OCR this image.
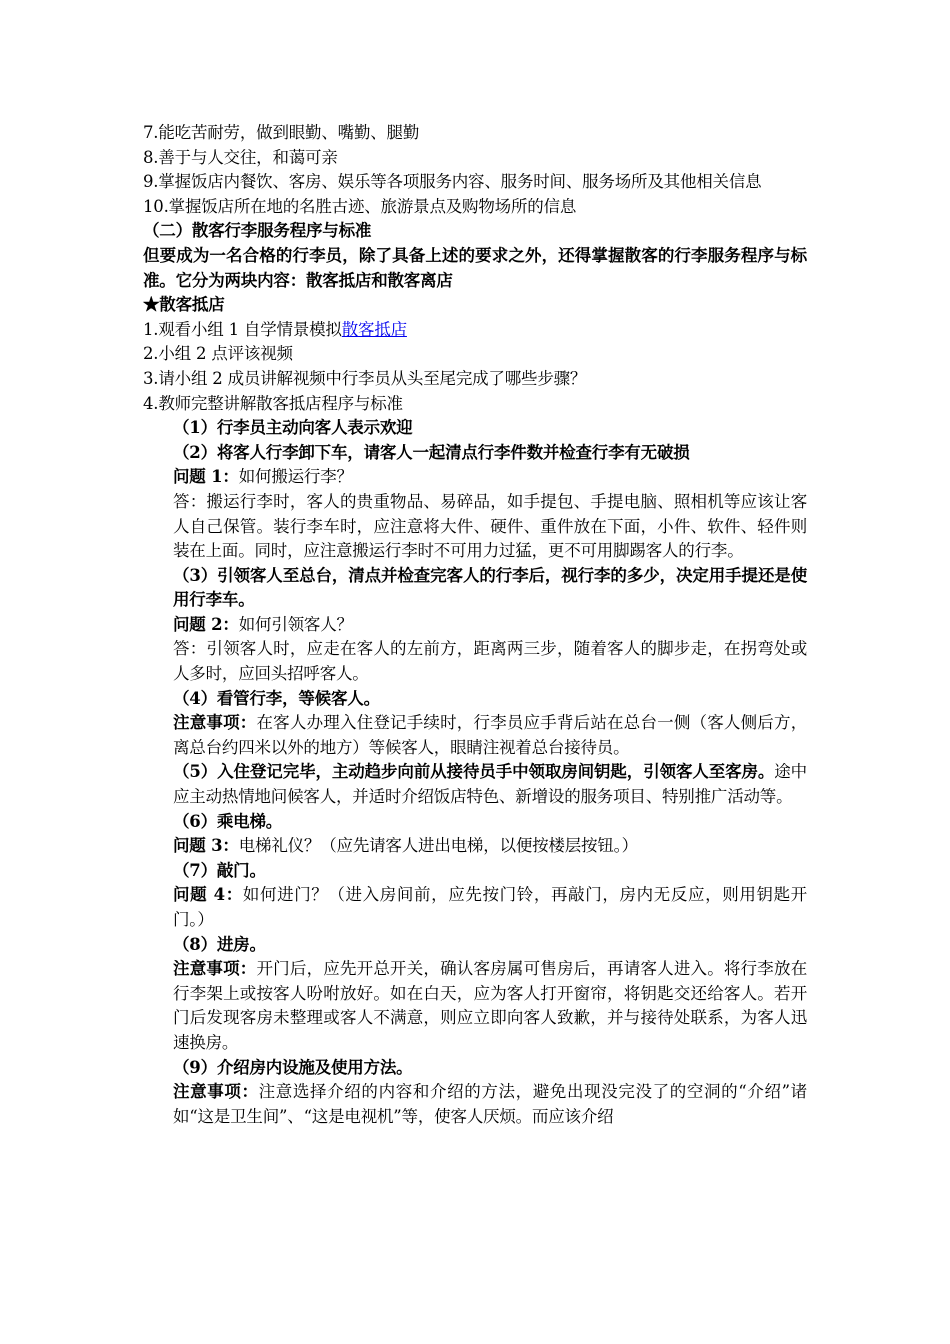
7.能吃苦耐劳，做到眼勤、嘴勤、腿勤

8.善于与人交往，和蔼可亲

9.掌握饭店内餐饮、客房、娱乐等各项服务内容、服务时间、服务场所及其他相关信息

10.掌握饭店所在地的名胜古迹、旅游景点及购物场所的信息

（二）散客行李服务程序与标准

但要成为一名合格的行李员，除了具备上述的要求之外，还得掌握散客的行李服务程序与标准。它分为两块内容：散客抵店和散客离店

★散客抵店

1.观看小组 1 自学情景模拟散客抵店

2.小组 2 点评该视频

3.请小组 2 成员讲解视频中行李员从头至尾完成了哪些步骤？

4.教师完整讲解散客抵店程序与标准

（1）行李员主动向客人表示欢迎

（2）将客人行李卸下车，请客人一起清点行李件数并检查行李有无破损

问题 1：如何搬运行李？

答：搬运行李时，客人的贵重物品、易碎品，如手提包、手提电脑、照相机等应该让客人自己保管。装行李车时，应注意将大件、硬件、重件放在下面，小件、软件、轻件则装在上面。同时，应注意搬运行李时不可用力过猛，更不可用脚踢客人的行李。

（3）引领客人至总台，清点并检查完客人的行李后，视行李的多少，决定用手提还是使用行李车。

问题 2：如何引领客人？

答：引领客人时，应走在客人的左前方，距离两三步，随着客人的脚步走，在拐弯处或人多时，应回头招呼客人。

（4）看管行李，等候客人。

注意事项：在客人办理入住登记手续时，行李员应手背后站在总台一侧（客人侧后方，离总台约四米以外的地方）等候客人，眼睛注视着总台接待员。

（5）入住登记完毕，主动趋步向前从接待员手中领取房间钥匙，引领客人至客房。途中应主动热情地问候客人，并适时介绍饭店特色、新增设的服务项目、特别推广活动等。

（6）乘电梯。

问题 3：电梯礼仪？（应先请客人进出电梯，以便按楼层按钮。）

（7）敲门。

问题 4：如何进门？（进入房间前，应先按门铃，再敲门，房内无反应，则用钥匙开门。）

（8）进房。

注意事项：开门后，应先开总开关，确认客房属可售房后，再请客人进入。将行李放在行李架上或按客人吩咐放好。如在白天，应为客人打开窗帘，将钥匙交还给客人。若开门后发现客房未整理或客人不满意，则应立即向客人致歉，并与接待处联系，为客人迅速换房。

（9）介绍房内设施及使用方法。

注意事项：注意选择介绍的内容和介绍的方法，避免出现没完没了的空洞的“介绍”诸如“这是卫生间”、“这是电视机”等，使客人厌烦。而应该介绍
